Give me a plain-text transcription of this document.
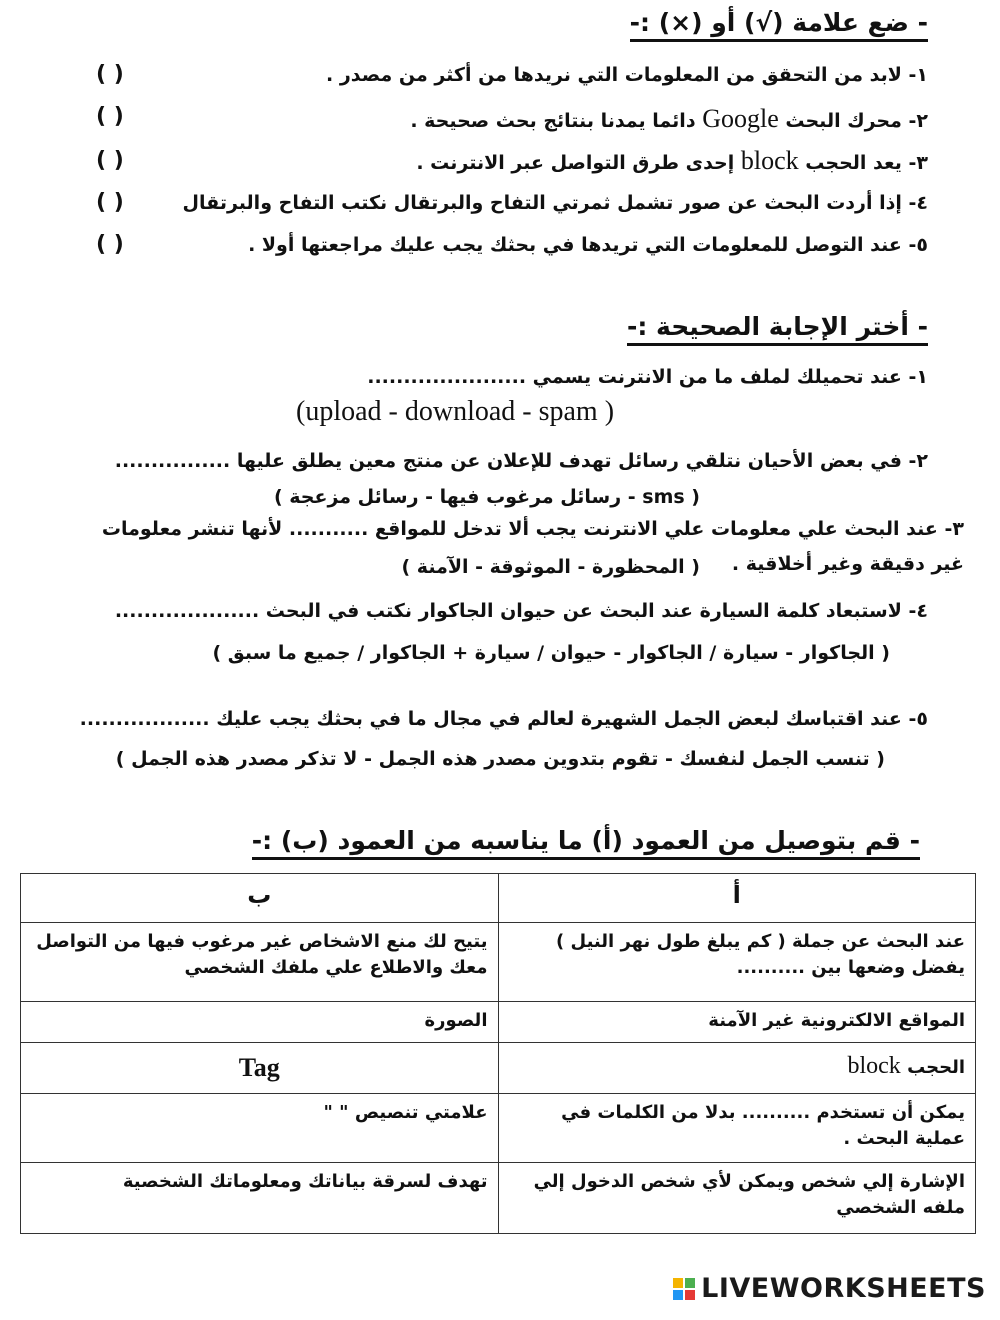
- ضع علامة (√) أو (×) :-
١- لابد من التحقق من المعلومات التي نريدها من أكثر من مصدر .
( )
٢- محرك البحث Google دائما يمدنا بنتائج بحث صحيحة .
( )
٣- يعد الحجب block إحدى طرق التواصل عبر الانترنت .
( )
٤- إذا أردت البحث عن صور تشمل ثمرتي التفاح والبرتقال نكتب التفاح والبرتقال
( )
٥- عند التوصل للمعلومات التي تريدها في بحثك يجب عليك مراجعتها أولا .
( )
- أختر الإجابة الصحيحة :-
١- عند تحميلك لملف ما من الانترنت يسمي ......................
(upload - download - spam )
٢- في بعض الأحيان نتلقي رسائل تهدف للإعلان عن منتج معين يطلق عليها ................
( sms - رسائل مرغوب فيها - رسائل مزعجة )
٣- عند البحث علي معلومات علي الانترنت يجب ألا تدخل للمواقع ........... لأنها تنشر معلومات
غير دقيقة وغير أخلاقية .
( المحظورة - الموثوقة - الآمنة )
٤- لاستبعاد كلمة السيارة عند البحث عن حيوان الجاكوار نكتب في البحث ....................
( الجاكوار - سيارة / الجاكوار - حيوان / سيارة + الجاكوار / جميع ما سبق )
٥- عند اقتباسك لبعض الجمل الشهيرة لعالم في مجال ما في بحثك يجب عليك ..................
( تنسب الجمل لنفسك - تقوم بتدوين مصدر هذه الجمل - لا تذكر مصدر هذه الجمل )
- قم بتوصيل من العمود (أ) ما يناسبه من العمود (ب) :-
أ	ب
عند البحث عن جملة ( كم يبلغ طول نهر النيل ) يفضل وضعها بين ..........	يتيح لك منع الاشخاص غير مرغوب فيها من التواصل معك والاطلاع علي ملفك الشخصي
المواقع الالكترونية غير الآمنة	الصورة
الحجب block	Tag
يمكن أن تستخدم .......... بدلا من الكلمات في عملية البحث .	علامتي تنصيص " "
الإشارة إلي شخص ويمكن لأي شخص الدخول إلي ملفه الشخصي	تهدف لسرقة بياناتك ومعلوماتك الشخصية
LIVEWORKSHEETS
